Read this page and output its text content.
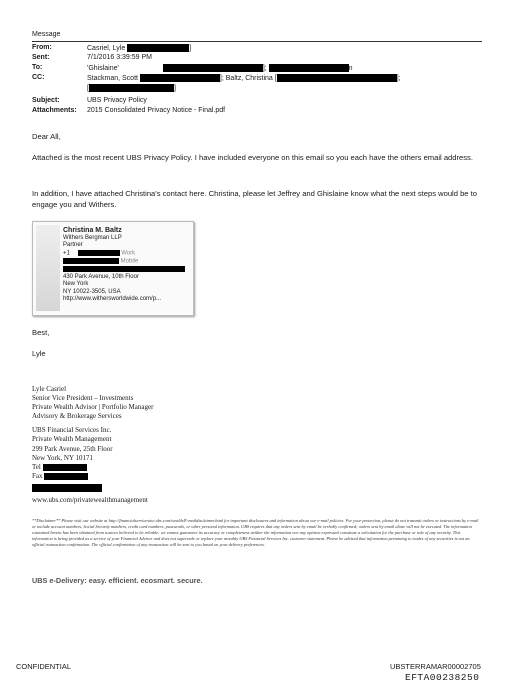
Message
From:	Casriel, Lyle	]
Sent:	7/1/2016 3:39:59 PM
To:	'Ghislaine'	];	n
CC:	Stackman, Scott	]; Baltz, Christina [	];
]
Subject:	UBS Privacy Policy
Attachments: 2015 Consolidated Privacy Notice - Final.pdf
Dear All,
Attached is the most recent UBS Privacy Policy. I have included everyone on this email so you each have the others email address.
In addition, I have attached Christina's contact here. Christina, please let Jeffrey and Ghislaine know what the next steps would be to engage you and Withers.
Christina M. Baltz
Withers Bergman LLP
Partner
+1	Work
Mobile
430 Park Avenue, 10th Floor
New York
NY 10022-3505, USA
http://www.withersworldwide.com/p...
Best,
Lyle
Lyle Casriel
Senior Vice President – Investments
Private Wealth Advisor | Portfolio Manager
Advisory & Brokerage Services
UBS Financial Services Inc.
Private Wealth Management
299 Park Avenue, 25th Floor
New York, NY 10171
Tel
Fax
www.ubs.com/privatewealthmanagement
**Disclaimer** Please visit our website at http://financialservicesinc.ubs.com/wealth/E-maildisclaimer.html for important disclosures and information about our e-mail policies. For your protection, please do not transmit orders or instructions by e-mail or include account numbers, Social Security numbers, credit card numbers, passwords, or other personal information. UBS requires that any orders sent by email be verbally confirmed; orders sent by email alone will not be executed. The information contained herein has been obtained from sources believed to be reliable; we cannot guarantee its accuracy or completeness neither the information nor any opinion expressed constitute a solicitation for the purchase or sale of any security. This information is being provided as a service of your Financial Advisor and does not supersede or replace your monthly UBS Financial Services Inc. customer statement. Please be advised that information pertaining to trades of any securities is not an official transaction confirmation. The official confirmation of any transaction will be sent to you based on your delivery preferences.
UBS e-Delivery: easy. efficient. ecosmart. secure.
CONFIDENTIAL	UBSTERRAMAR00002705
EFTA00238250
